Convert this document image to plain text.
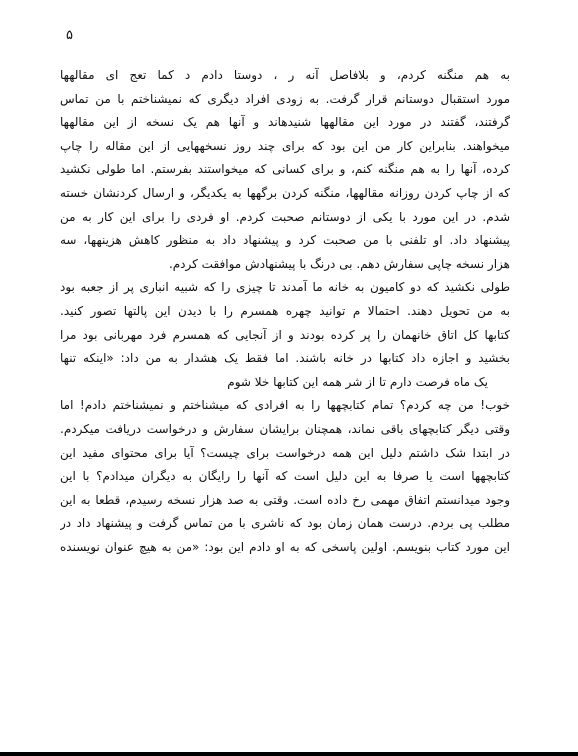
۵
به هم منگنه کردم، و بلافاصل آنه ر ، دوستا دادم د کما تعج ای مقالهها
مورد استقبال دوستانم قرار گرفت. به زودی افراد دیگری که نمیشناختم با من تماس
گرفتند، گفتند در مورد این مقالهها شنیدهاند و آنها هم یک نسخه از این مقالهها
میخواهند. بنابراین کار من این بود که برای چند روز نسخههایی از این مقاله را چاپ
کرده، آنها را به هم منگنه کنم، و برای کسانی که میخواستند بفرستم. اما طولی نکشید
که از چاپ کردن روزانه مقالهها، منگنه کردن برگهها به یکدیگر، و ارسال کردنشان خسته
شدم. در این مورد با یکی از دوستانم صحبت کردم. او فردی را برای این کار به من
پیشنهاد داد. او تلفنی با من صحبت کرد و پیشنهاد داد به منظور کاهش هزینهها، سه
هزار نسخه چاپی سفارش دهم. بی درنگ با پیشنهادش موافقت کردم.
طولی نکشید که دو کامیون به خانه ما آمدند تا چیزی را که شبیه انباری پر از جعبه بود
به من تحویل دهند. احتمالا م توانید چهره همسرم را با دیدن این پالتها تصور کنید.
کتابها کل اتاق خانهمان را پر کرده بودند و از آنجایی که همسرم فرد مهربانی بود مرا
بخشید و اجازه داد کتابها در خانه باشند. اما فقط یک هشدار به من داد: «اینکه تنها
یک ماه فرصت دارم تا از شر همه این کتابها خلا شوم
خوب! من چه کردم؟ تمام کتابچهها را به افرادی که میشناختم و نمیشناختم دادم! اما
وقتی دیگر کتابچهای باقی نماند، همچنان برایشان سفارش و درخواست دریافت میکردم.
در ابتدا شک داشتم دلیل این همه درخواست برای چیست؟ آیا برای محتوای مفید این
کتابچهها است یا صرفا به این دلیل است که آنها را رایگان به دیگران میدادم؟ با این
وجود میدانستم اتفاق مهمی رخ داده است. وقتی به صد هزار نسخه رسیدم، قطعا به این
مطلب پی بردم. درست همان زمان بود که ناشری با من تماس گرفت و پیشنهاد داد در
این مورد کتاب بنویسم. اولین پاسخی که به او دادم این بود: «من به هیچ عنوان نویسنده
